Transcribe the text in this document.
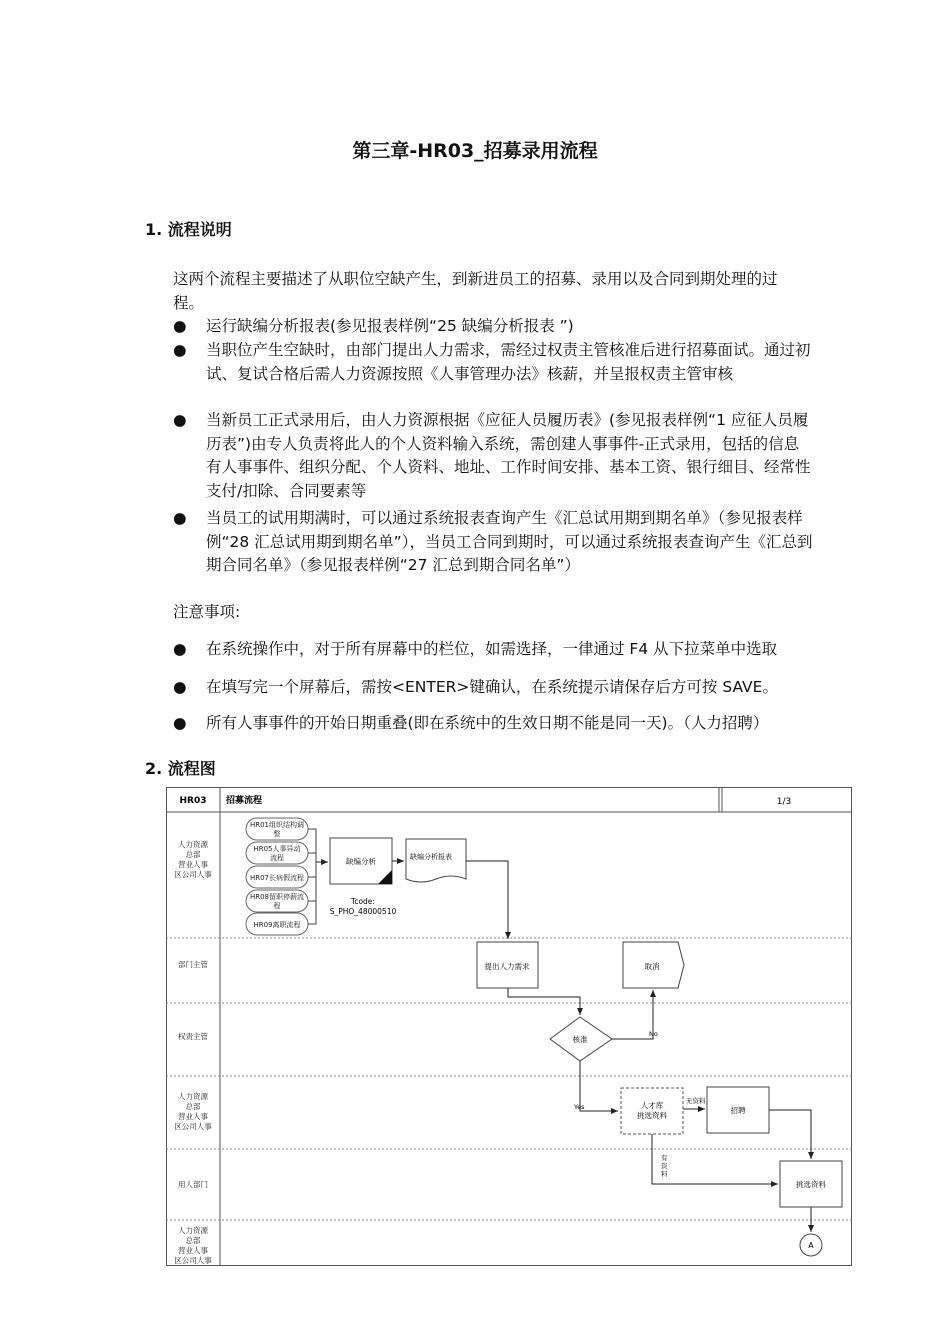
第三章-HR03_招募录用流程
1. 流程说明
这两个流程主要描述了从职位空缺产生，到新进员工的招募、录用以及合同到期处理的过程。
●	运行缺编分析报表(参见报表样例“25 缺编分析报表 ”)
●	当职位产生空缺时，由部门提出人力需求，需经过权责主管核准后进行招募面试。通过初试、复试合格后需人力资源按照《人事管理办法》核薪，并呈报权责主管审核
●	当新员工正式录用后，由人力资源根据《应征人员履历表》(参见报表样例“1 应征人员履历表”)由专人负责将此人的个人资料输入系统，需创建人事事件-正式录用，包括的信息有人事事件、组织分配、个人资料、地址、工作时间安排、基本工资、银行细目、经常性支付/扣除、合同要素等
●	当员工的试用期满时，可以通过系统报表查询产生《汇总试用期到期名单》（参见报表样例“28 汇总试用期到期名单”），当员工合同到期时，可以通过系统报表查询产生《汇总到期合同名单》（参见报表样例“27 汇总到期合同名单”）
注意事项:
●	在系统操作中，对于所有屏幕中的栏位，如需选择，一律通过 F4 从下拉菜单中选取
●	在填写完一个屏幕后，需按<ENTER>键确认，在系统提示请保存后方可按 SAVE。
●	所有人事事件的开始日期重叠(即在系统中的生效日期不能是同一天)。（人力招聘）
2. 流程图
HR03 招募流程	1/3
人力资源
总部
营业人事
区公司人事
部门主管
权责主管
人力资源
总部
营业人事
区公司人事
用人部门
人力资源
总部
营业人事
区公司人事
HR01组织结构调
整
HR05人事异动
流程
HR07长病假流程
HR08留职停薪流
程
HR09离职流程
缺编分析	缺编分析报表
Tcode:
S_PHO_48000510
提出人力需求	取消
核准
No
Yes	人才库
挑选资料
无资料
招聘
有
资
料
挑选资料
A
